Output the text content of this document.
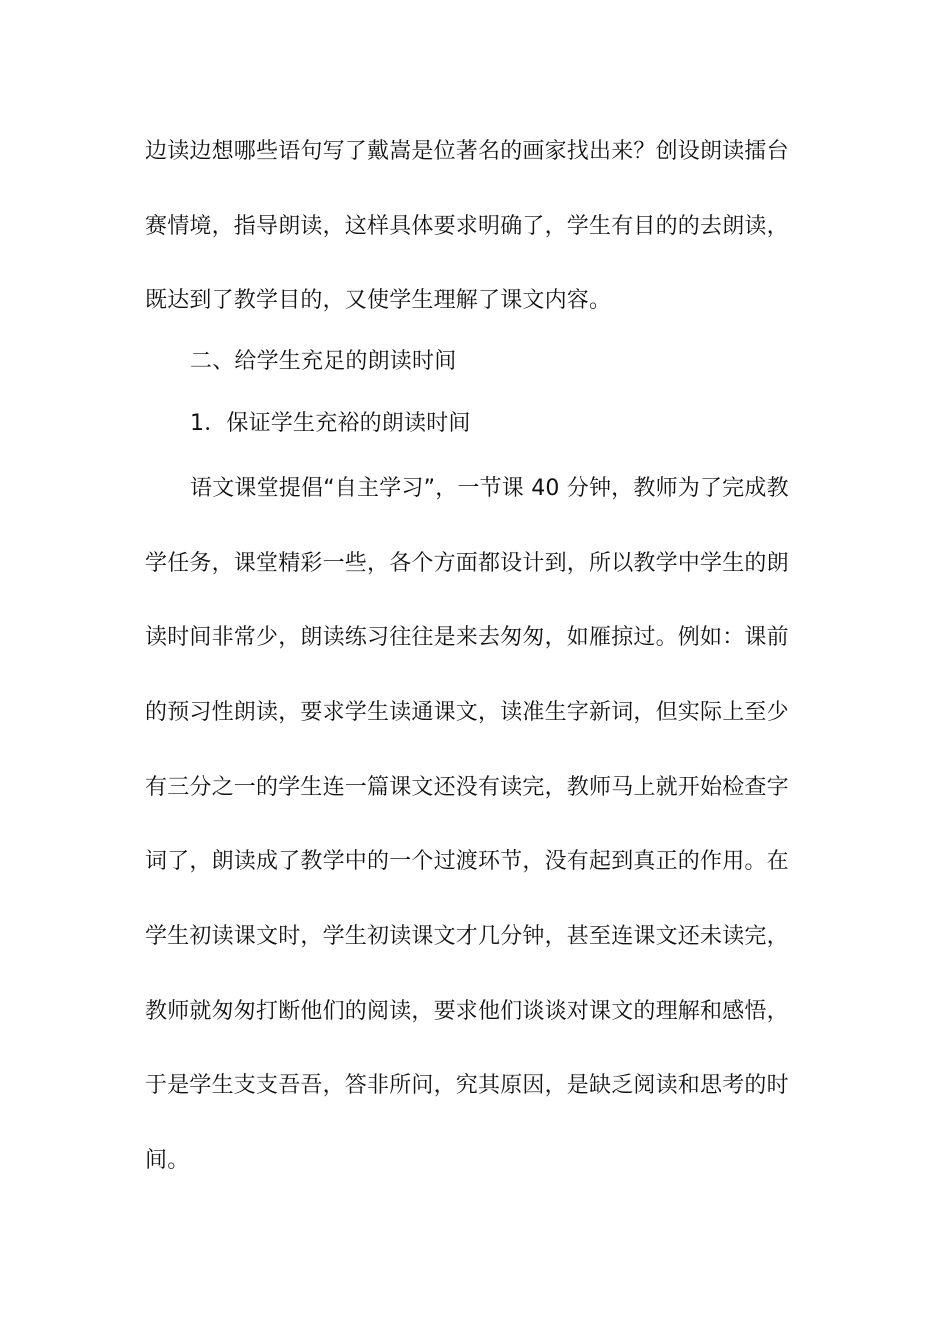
边读边想哪些语句写了戴嵩是位著名的画家找出来？创设朗读擂台
赛情境，指导朗读，这样具体要求明确了，学生有目的的去朗读，
既达到了教学目的，又使学生理解了课文内容。
二、给学生充足的朗读时间
1．保证学生充裕的朗读时间
语文课堂提倡“自主学习”，一节课 40 分钟，教师为了完成教
学任务，课堂精彩一些，各个方面都设计到，所以教学中学生的朗
读时间非常少，朗读练习往往是来去匆匆，如雁掠过。例如：课前
的预习性朗读，要求学生读通课文，读准生字新词，但实际上至少
有三分之一的学生连一篇课文还没有读完，教师马上就开始检查字
词了，朗读成了教学中的一个过渡环节，没有起到真正的作用。在
学生初读课文时，学生初读课文才几分钟，甚至连课文还未读完，
教师就匆匆打断他们的阅读，要求他们谈谈对课文的理解和感悟，
于是学生支支吾吾，答非所问，究其原因，是缺乏阅读和思考的时
间。
